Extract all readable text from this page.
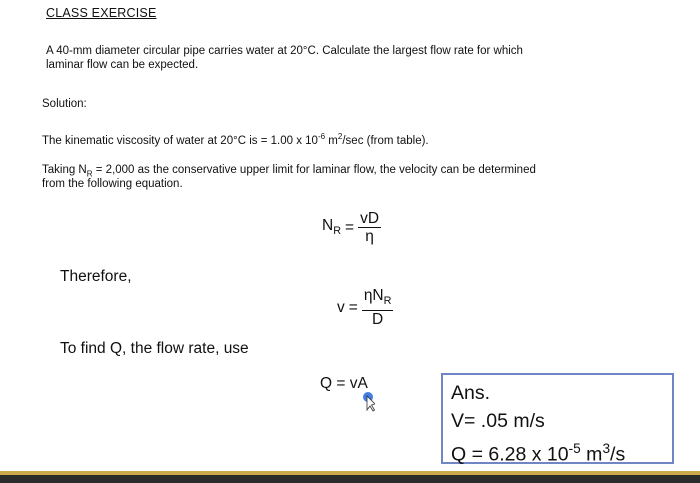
CLASS EXERCISE
A 40-mm diameter circular pipe carries water at 20°C. Calculate the largest flow rate for which
laminar flow can be expected.
Solution:
The kinematic viscosity of water at 20°C is = 1.00 x $10^{-6}$ $m^2/\sec$ (from table).
Taking $N_R = 2,000$ as the conservative upper limit for laminar flow, the velocity can be determined
from the following equation.
$N_R = \frac{vD}{\eta}$
Therefore,
$v = \frac{\eta N_R}{D}$
To find Q, the flow rate, use
Q = vA	Ans.
V= .05 m/s
Q = 6.28 x $10^{-5}$ $m^3/s$
